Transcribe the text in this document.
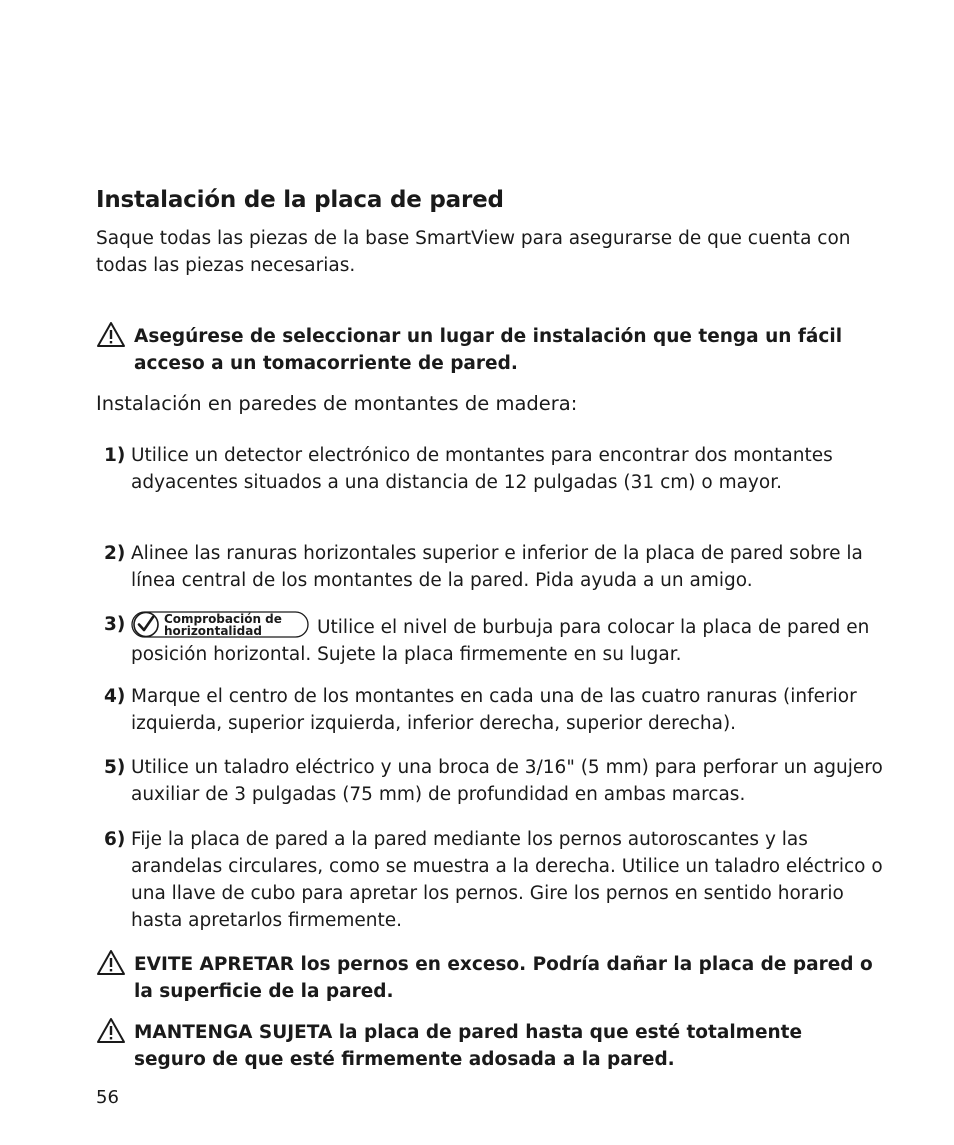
Instalación de la placa de pared

Saque todas las piezas de la base SmartView para asegurarse de que cuenta con todas las piezas necesarias.

Asegúrese de seleccionar un lugar de instalación que tenga un fácil acceso a un tomacorriente de pared.
Instalación en paredes de montantes de madera:
1) Utilice un detector electrónico de montantes para encontrar dos montantes adyacentes situados a una distancia de 12 pulgadas (31 cm) o mayor.
2) Alinee las ranuras horizontales superior e inferior de la placa de pared sobre la línea central de los montantes de la pared. Pida ayuda a un amigo.
3)	Comprobación de
horizontalidad	Utilice el nivel de burbuja para colocar la placa de pared en posición horizontal. Sujete la placa firmemente en su lugar.
4) Marque el centro de los montantes en cada una de las cuatro ranuras (inferior izquierda, superior izquierda, inferior derecha, superior derecha).
5) Utilice un taladro eléctrico y una broca de 3/16" (5 mm) para perforar un agujero auxiliar de 3 pulgadas (75 mm) de profundidad en ambas marcas.
6) Fije la placa de pared a la pared mediante los pernos autoroscantes y las arandelas circulares, como se muestra a la derecha. Utilice un taladro eléctrico o una llave de cubo para apretar los pernos. Gire los pernos en sentido horario hasta apretarlos firmemente.
EVITE APRETAR los pernos en exceso. Podría dañar la placa de pared o la superficie de la pared.
MANTENGA SUJETA la placa de pared hasta que esté totalmente seguro de que esté firmemente adosada a la pared.
56
